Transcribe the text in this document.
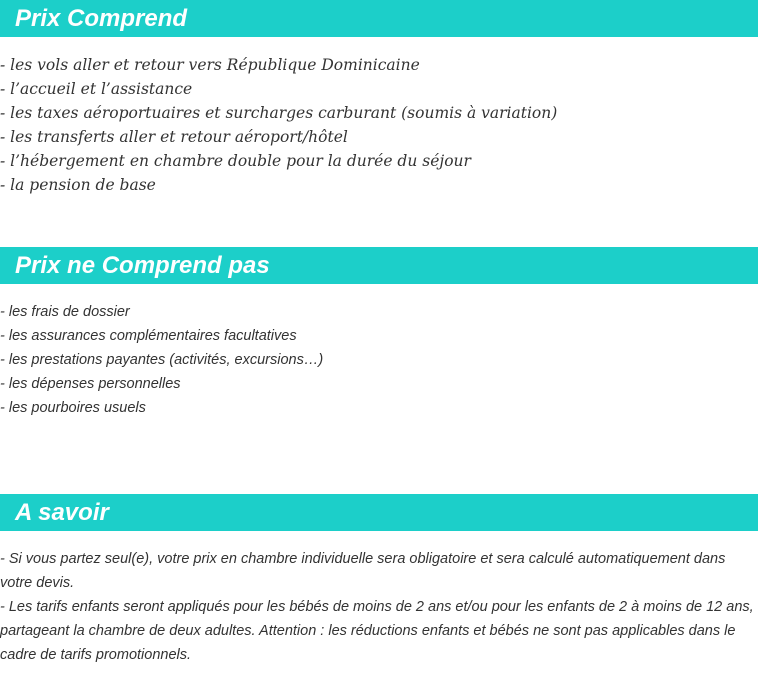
Prix Comprend
- les vols aller et retour vers République Dominicaine
- l’accueil et l’assistance
- les taxes aéroportuaires et surcharges carburant (soumis à variation)
- les transferts aller et retour aéroport/hôtel
- l’hébergement en chambre double pour la durée du séjour
- la pension de base
Prix ne Comprend pas
- les frais de dossier
- les assurances complémentaires facultatives
- les prestations payantes (activités, excursions…)
- les dépenses personnelles
- les pourboires usuels
A savoir

- Si vous partez seul(e), votre prix en chambre individuelle sera obligatoire et sera calculé automatiquement dans votre devis.

- Les tarifs enfants seront appliqués pour les bébés de moins de 2 ans et/ou pour les enfants de 2 à moins de 12 ans, partageant la chambre de deux adultes. Attention : les réductions enfants et bébés ne sont pas applicables dans le cadre de tarifs promotionnels.
